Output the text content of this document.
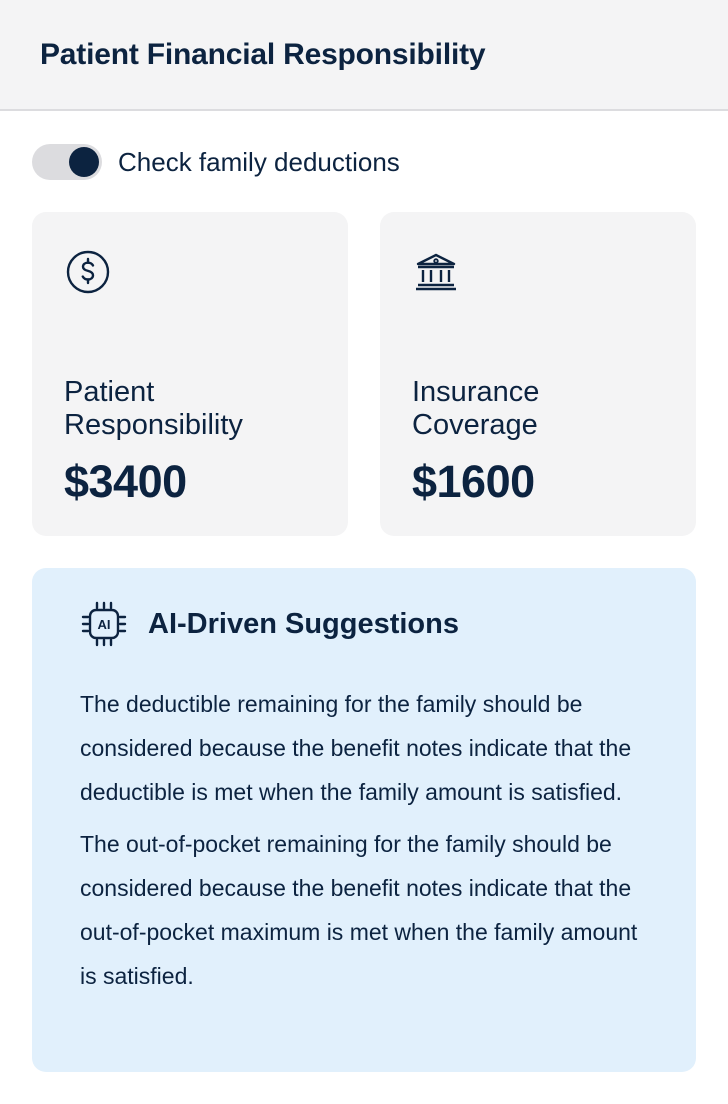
Patient Financial Responsibility
Check family deductions
Patient Responsibility
$3400
Insurance Coverage
$1600
AI AI-Driven Suggestions

The deductible remaining for the family should be considered because the benefit notes indicate that the deductible is met when the family amount is satisfied.

The out-of-pocket remaining for the family should be considered because the benefit notes indicate that the out-of-pocket maximum is met when the family amount is satisfied.
